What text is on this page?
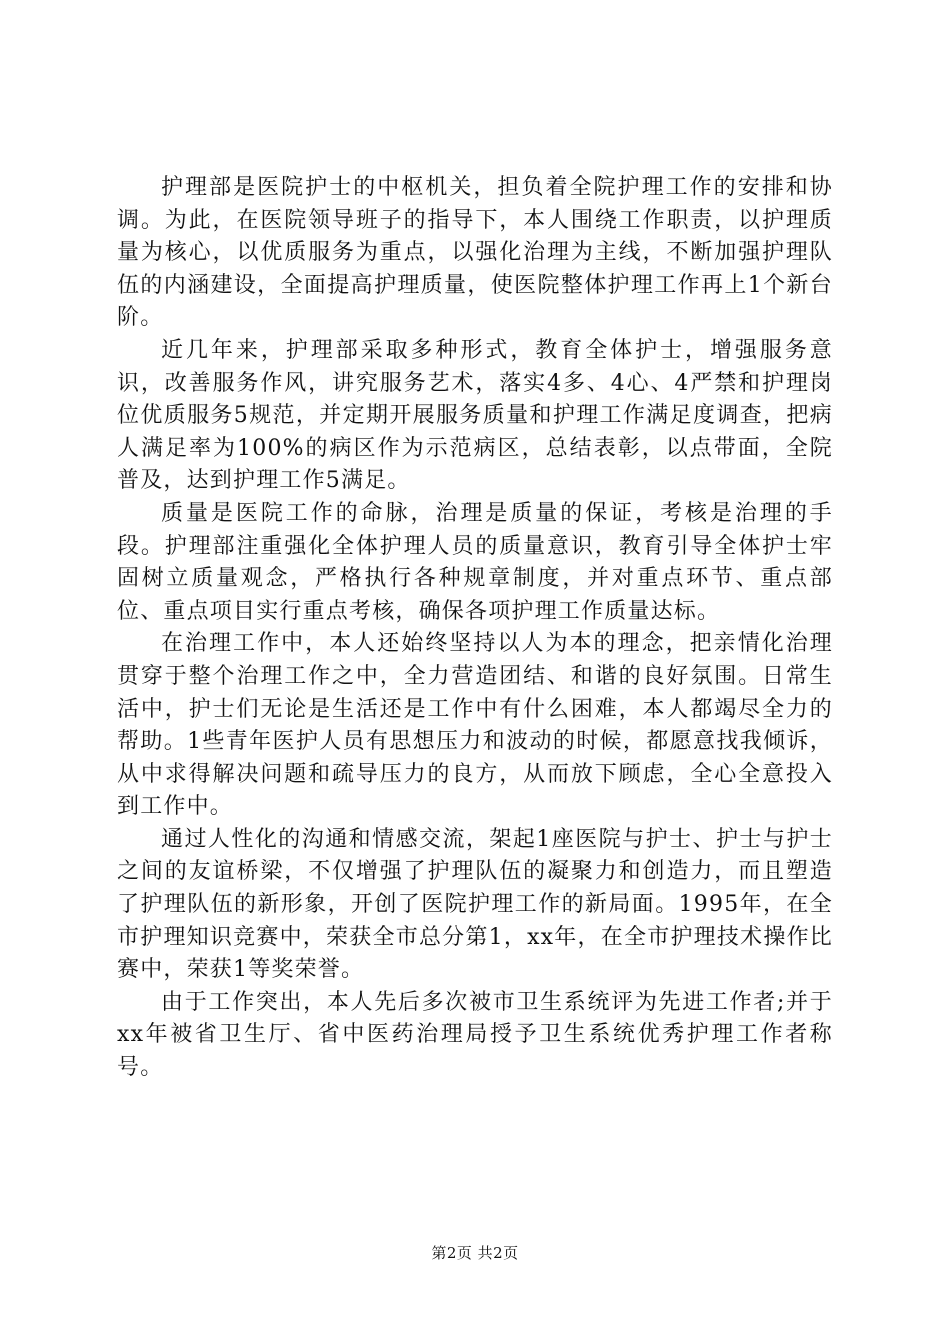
护理部是医院护士的中枢机关，担负着全院护理工作的安排和协调。为此，在医院领导班子的指导下，本人围绕工作职责，以护理质量为核心，以优质服务为重点，以强化治理为主线，不断加强护理队伍的内涵建设，全面提高护理质量，使医院整体护理工作再上1个新台阶。

近几年来，护理部采取多种形式，教育全体护士，增强服务意识，改善服务作风，讲究服务艺术，落实4多、4心、4严禁和护理岗位优质服务5规范，并定期开展服务质量和护理工作满足度调查，把病人满足率为100%的病区作为示范病区，总结表彰，以点带面，全院普及，达到护理工作5满足。

质量是医院工作的命脉，治理是质量的保证，考核是治理的手段。护理部注重强化全体护理人员的质量意识，教育引导全体护士牢固树立质量观念，严格执行各种规章制度，并对重点环节、重点部位、重点项目实行重点考核，确保各项护理工作质量达标。

在治理工作中，本人还始终坚持以人为本的理念，把亲情化治理贯穿于整个治理工作之中，全力营造团结、和谐的良好氛围。日常生活中，护士们无论是生活还是工作中有什么困难，本人都竭尽全力的帮助。1些青年医护人员有思想压力和波动的时候，都愿意找我倾诉，从中求得解决问题和疏导压力的良方，从而放下顾虑，全心全意投入到工作中。

通过人性化的沟通和情感交流，架起1座医院与护士、护士与护士之间的友谊桥梁，不仅增强了护理队伍的凝聚力和创造力，而且塑造了护理队伍的新形象，开创了医院护理工作的新局面。1995年，在全市护理知识竞赛中，荣获全市总分第1，xx年，在全市护理技术操作比赛中，荣获1等奖荣誉。

由于工作突出，本人先后多次被市卫生系统评为先进工作者;并于xx年被省卫生厅、省中医药治理局授予卫生系统优秀护理工作者称号。

第2页 共2页
